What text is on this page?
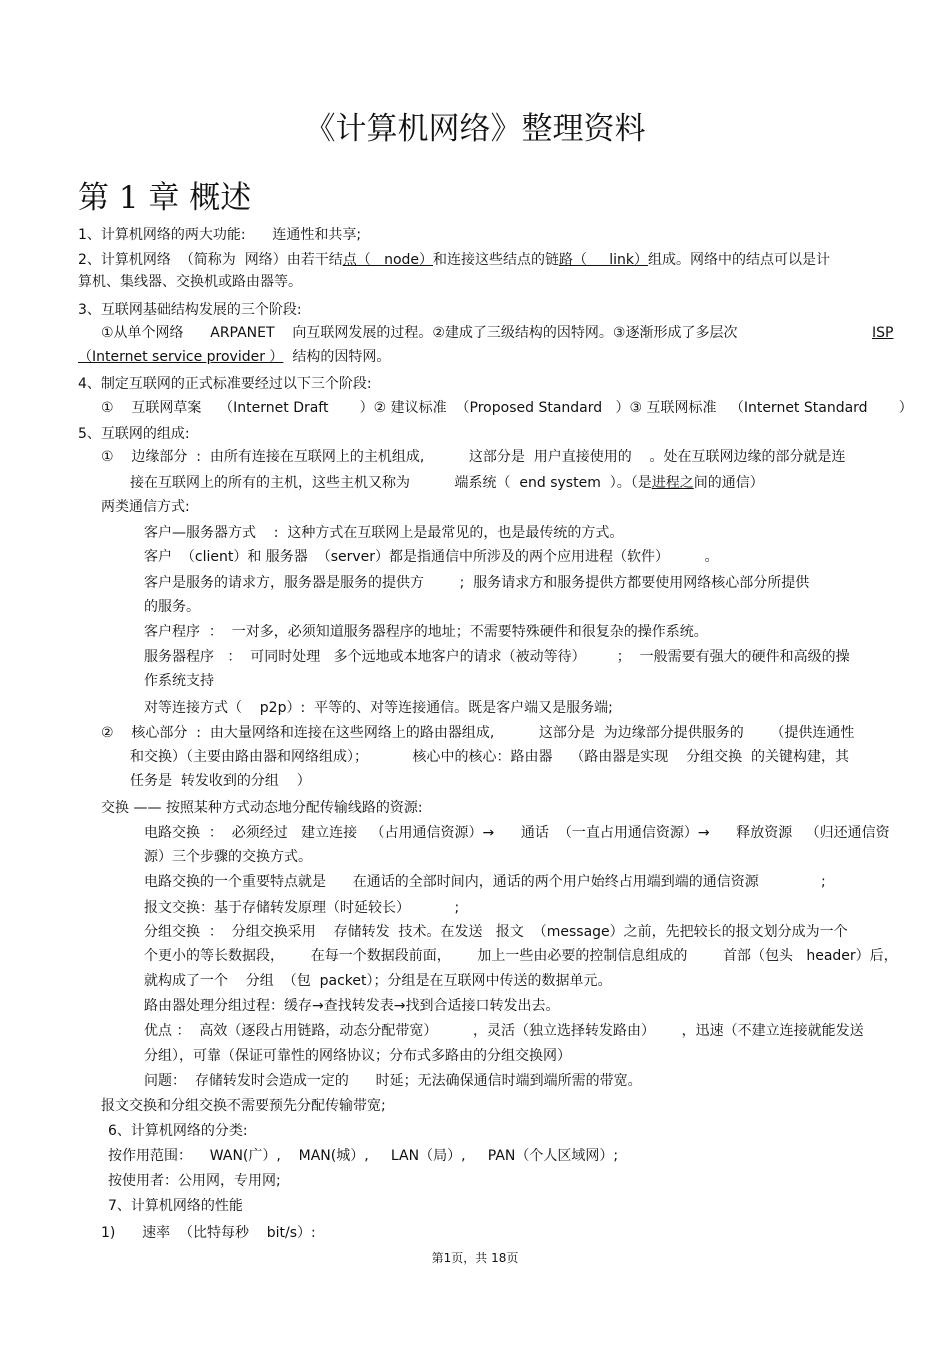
《计算机网络》整理资料
第 1 章 概述
1、计算机网络的两大功能:      连通性和共享;
2、计算机网络  （简称为  网络）由若干结点（   node）和连接这些结点的链路（     link）组成。网络中的结点可以是计
算机、集线器、交换机或路由器等。
3、互联网基础结构发展的三个阶段:
①从单个网络      ARPANET    向互联网发展的过程。②建成了三级结构的因特网。③逐渐形成了多层次	ISP
（Internet service provider ）  结构的因特网。
4、制定互联网的正式标准要经过以下三个阶段:
①    互联网草案    （Internet Draft       ）② 建议标准  （Proposed Standard   ）③ 互联网标准   （Internet Standard       ）
5、互联网的组成:
①    边缘部分  :  由所有连接在互联网上的主机组成,          这部分是  用户直接使用的    。处在互联网边缘的部分就是连
接在互联网上的所有的主机，这些主机又称为          端系统（  end system  ）。（是进程之间的通信）
两类通信方式:
客户—服务器方式    :  这种方式在互联网上是最常见的，也是最传统的方式。
客户  （client）和 服务器  （server）都是指通信中所涉及的两个应用进程（软件）        。
客户是服务的请求方，服务器是服务的提供方        ;  服务请求方和服务提供方都要使用网络核心部分所提供
的服务。
客户程序  ：  一对多，必须知道服务器程序的地址；不需要特殊硬件和很复杂的操作系统。
服务器程序   ：  可同时处理   多个远地或本地客户的请求（被动等待）       ；  一般需要有强大的硬件和高级的操
作系统支持
对等连接方式（    p2p）:  平等的、对等连接通信。既是客户端又是服务端;
②    核心部分  :  由大量网络和连接在这些网络上的路由器组成,          这部分是  为边缘部分提供服务的      （提供连通性
和交换）（主要由路由器和网络组成）；          核心中的核心：路由器    （路由器是实现    分组交换  的关键构建，其
任务是  转发收到的分组    ）
交换 —— 按照某种方式动态地分配传输线路的资源:
电路交换  ：  必须经过   建立连接   （占用通信资源）→      通话  （一直占用通信资源）→      释放资源   （归还通信资
源）三个步骤的交换方式。
电路交换的一个重要特点就是      在通话的全部时间内，通话的两个用户始终占用端到端的通信资源              ;
报文交换：基于存储转发原理（时延较长）          ;
分组交换  ：  分组交换采用    存储转发  技术。在发送   报文  （message）之前，先把较长的报文划分成为一个
个更小的等长数据段，      在每一个数据段前面，      加上一些由必要的控制信息组成的        首部（包头   header）后，
就构成了一个    分组  （包  packet）；分组是在互联网中传送的数据单元。
路由器处理分组过程：缓存→查找转发表→找到合适接口转发出去。
优点 ：  高效（逐段占用链路，动态分配带宽）        ，灵活（独立选择转发路由）      ，迅速（不建立连接就能发送
分组），可靠（保证可靠性的网络协议；分布式多路由的分组交换网）
问题：  存储转发时会造成一定的      时延；无法确保通信时端到端所需的带宽。
报文交换和分组交换不需要预先分配传输带宽;
6、计算机网络的分类:
按作用范围：    WAN(广）,    MAN(城）,     LAN（局）,     PAN（个人区域网）;
按使用者：公用网，专用网;
7、计算机网络的性能
1)      速率  （比特每秒    bit/s）:
第1页，共 18页
